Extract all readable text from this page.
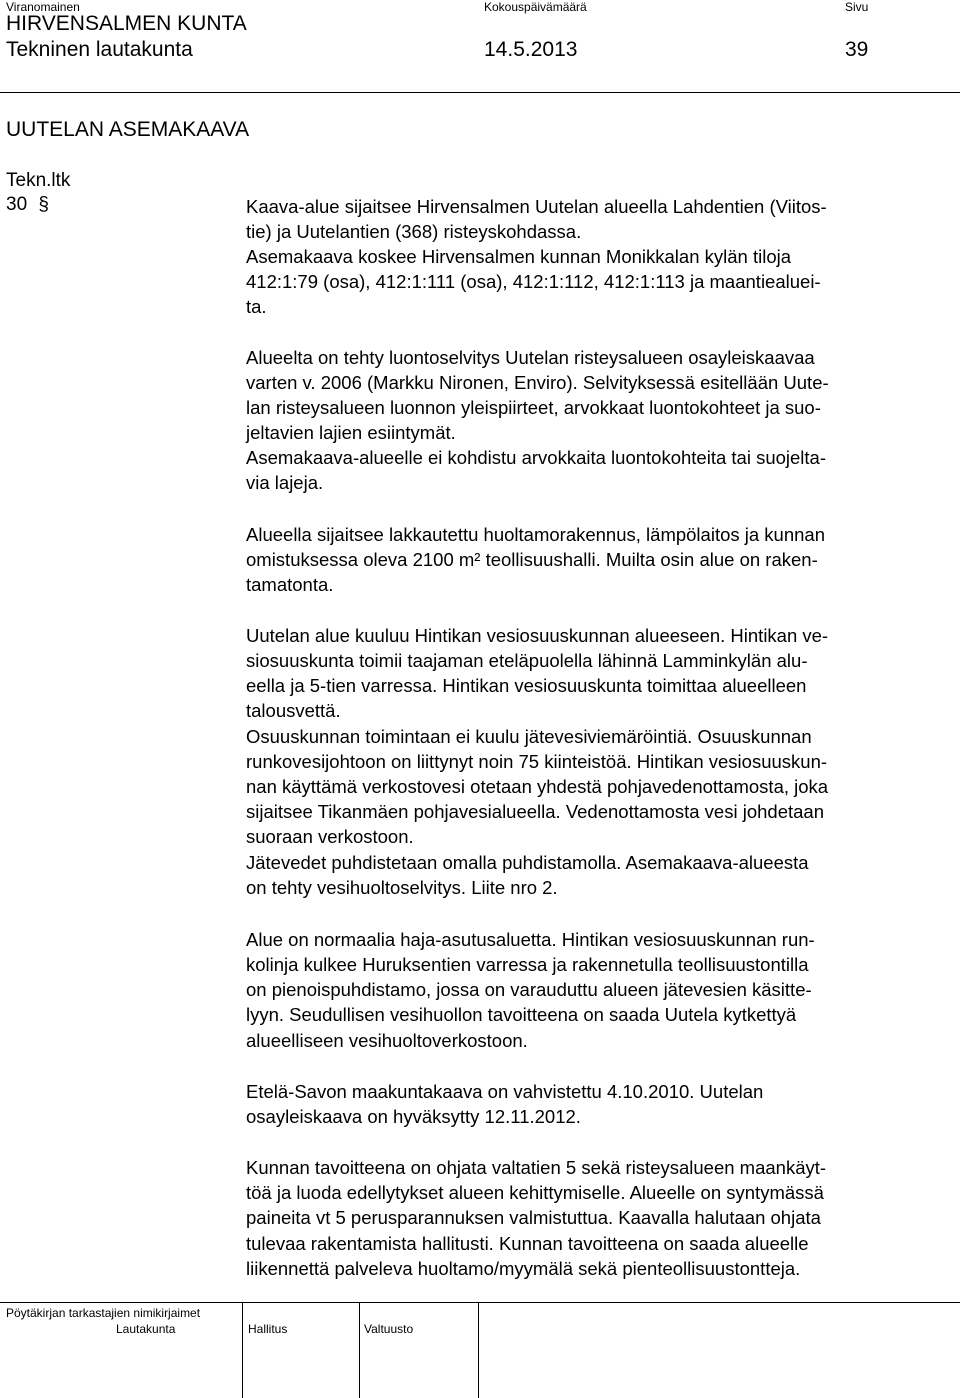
Viranomainen	Kokouspäivämäärä	Sivu
HIRVENSALMEN KUNTA
Tekninen lautakunta	14.5.2013	39
UUTELAN ASEMAKAAVA
Tekn.ltk
30 §	Kaava-alue sijaitsee Hirvensalmen Uutelan alueella Lahdentien (Viitos-
tie) ja Uutelantien (368) risteyskohdassa.
Asemakaava koskee Hirvensalmen kunnan Monikkalan kylän tiloja
412:1:79 (osa), 412:1:111 (osa), 412:1:112, 412:1:113 ja maantiealuei-
ta.
Alueelta on tehty luontoselvitys Uutelan risteysalueen osayleiskaavaa
varten v. 2006 (Markku Nironen, Enviro). Selvityksessä esitellään Uute-
lan risteysalueen luonnon yleispiirteet, arvokkaat luontokohteet ja suo-
jeltavien lajien esiintymät.
Asemakaava-alueelle ei kohdistu arvokkaita luontokohteita tai suojelta-
via lajeja.
Alueella sijaitsee lakkautettu huoltamorakennus, lämpölaitos ja kunnan
omistuksessa oleva 2100 m² teollisuushalli. Muilta osin alue on raken-
tamatonta.
Uutelan alue kuuluu Hintikan vesiosuuskunnan alueeseen. Hintikan ve-
siosuuskunta toimii taajaman eteläpuolella lähinnä Lamminkylän alu-
eella ja 5-tien varressa. Hintikan vesiosuuskunta toimittaa alueelleen
talousvettä.
Osuuskunnan toimintaan ei kuulu jätevesiviemäröintiä. Osuuskunnan
runkovesijohtoon on liittynyt noin 75 kiinteistöä. Hintikan vesiosuuskun-
nan käyttämä verkostovesi otetaan yhdestä pohjavedenottamosta, joka
sijaitsee Tikanmäen pohjavesialueella. Vedenottamosta vesi johdetaan
suoraan verkostoon.
Jätevedet puhdistetaan omalla puhdistamolla. Asemakaava-alueesta
on tehty vesihuoltoselvitys. Liite nro 2.
Alue on normaalia haja-asutusaluetta. Hintikan vesiosuuskunnan run-
kolinja kulkee Huruksentien varressa ja rakennetulla teollisuustontilla
on pienoispuhdistamo, jossa on varauduttu alueen jätevesien käsitte-
lyyn. Seudullisen vesihuollon tavoitteena on saada Uutela kytkettyä
alueelliseen vesihuoltoverkostoon.
Etelä-Savon maakuntakaava on vahvistettu 4.10.2010. Uutelan
osayleiskaava on hyväksytty 12.11.2012.
Kunnan tavoitteena on ohjata valtatien 5 sekä risteysalueen maankäyt-
töä ja luoda edellytykset alueen kehittymiselle. Alueelle on syntymässä
paineita vt 5 perusparannuksen valmistuttua. Kaavalla halutaan ohjata
tulevaa rakentamista hallitusti. Kunnan tavoitteena on saada alueelle
liikennettä palveleva huoltamo/myymälä sekä pienteollisuustontteja.
Pöytäkirjan tarkastajien nimikirjaimet
Lautakunta	Hallitus	Valtuusto
